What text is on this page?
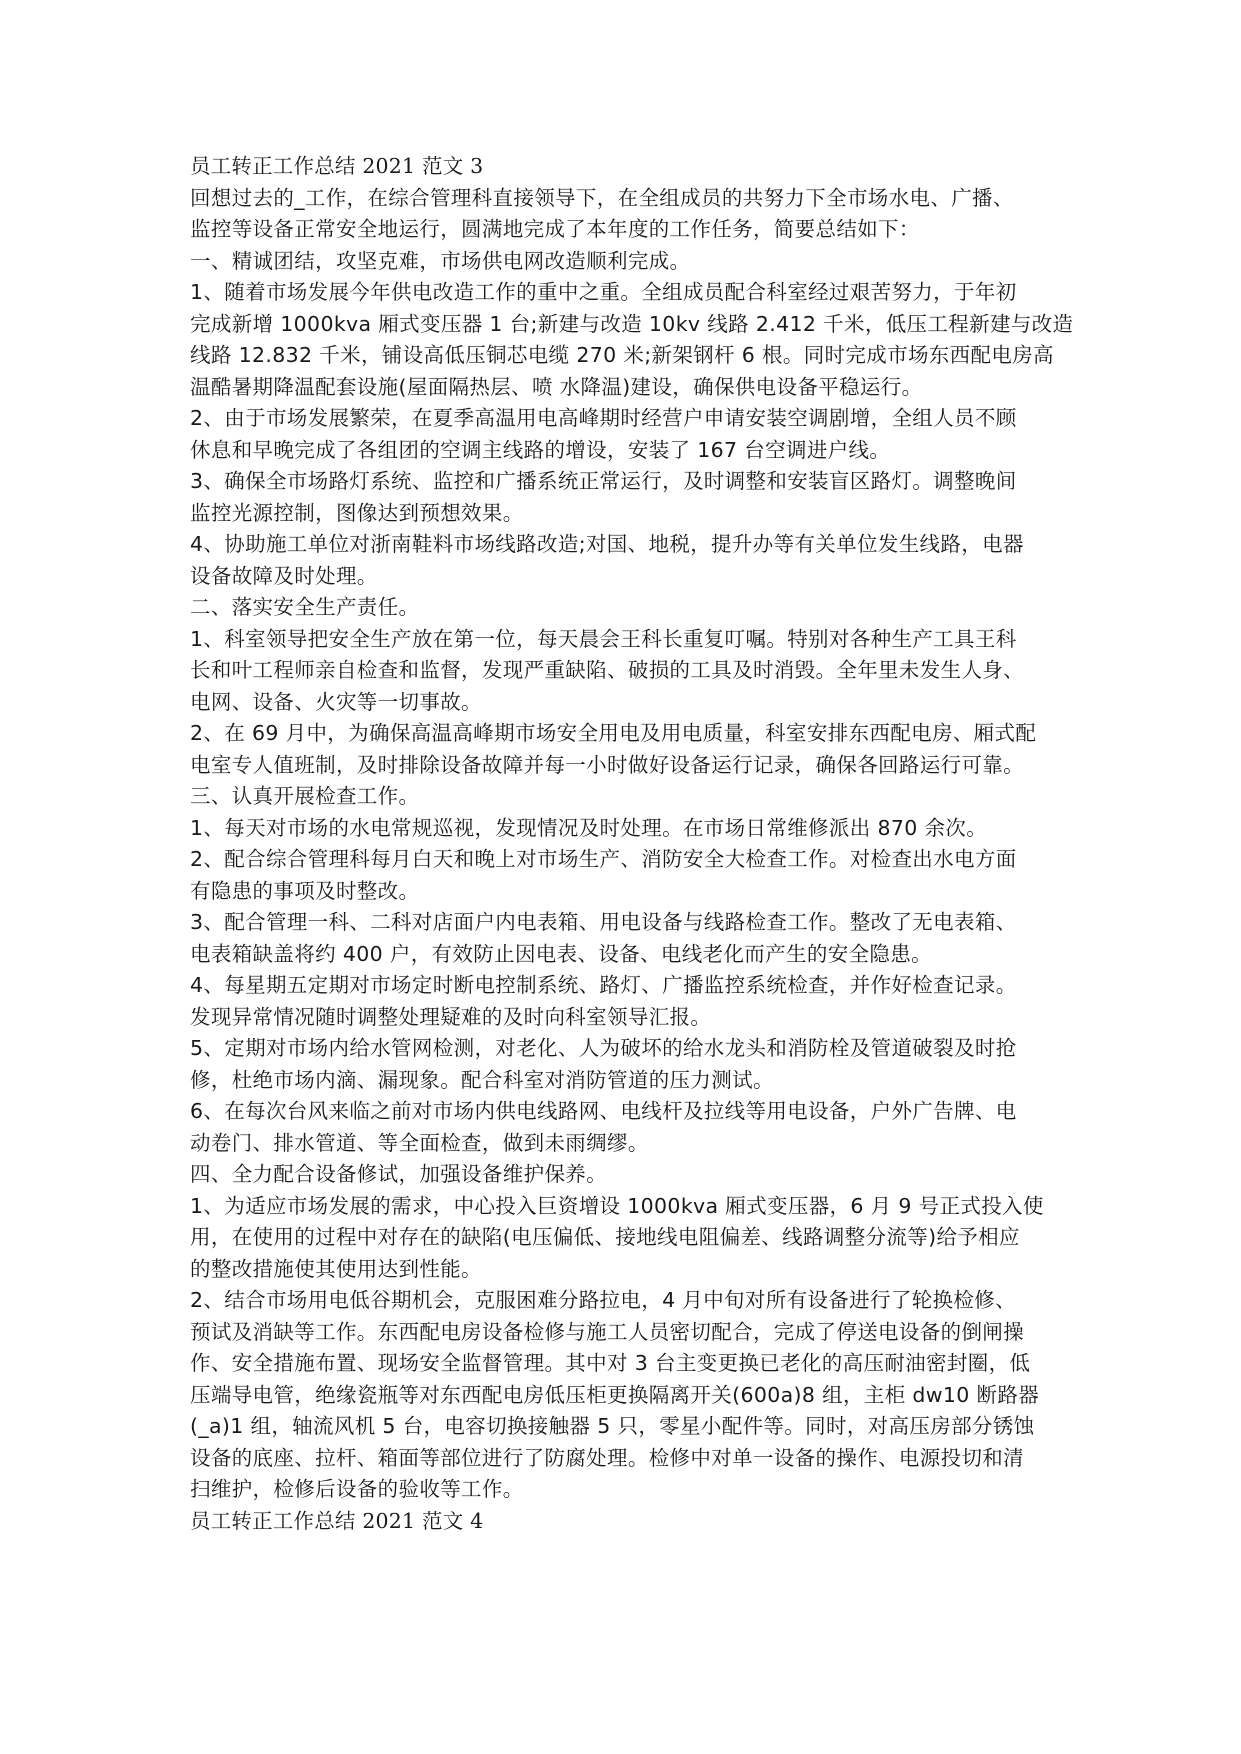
员工转正工作总结 2021 范文 3

回想过去的_工作，在综合管理科直接领导下，在全组成员的共努力下全市场水电、广播、

监控等设备正常安全地运行，圆满地完成了本年度的工作任务，简要总结如下：

一、精诚团结，攻坚克难，市场供电网改造顺利完成。

1、随着市场发展今年供电改造工作的重中之重。全组成员配合科室经过艰苦努力，于年初

完成新增 1000kva 厢式变压器 1 台;新建与改造 10kv 线路 2.412 千米，低压工程新建与改造

线路 12.832 千米，铺设高低压铜芯电缆 270 米;新架钢杆 6 根。同时完成市场东西配电房高

温酷暑期降温配套设施(屋面隔热层、喷 水降温)建设，确保供电设备平稳运行。

2、由于市场发展繁荣，在夏季高温用电高峰期时经营户申请安装空调剧增，全组人员不顾

休息和早晚完成了各组团的空调主线路的增设，安装了 167 台空调进户线。

3、确保全市场路灯系统、监控和广播系统正常运行，及时调整和安装盲区路灯。调整晚间

监控光源控制，图像达到预想效果。

4、协助施工单位对浙南鞋料市场线路改造;对国、地税，提升办等有关单位发生线路，电器

设备故障及时处理。

二、落实安全生产责任。

1、科室领导把安全生产放在第一位，每天晨会王科长重复叮嘱。特别对各种生产工具王科

长和叶工程师亲自检查和监督，发现严重缺陷、破损的工具及时消毁。全年里未发生人身、

电网、设备、火灾等一切事故。

2、在 69 月中，为确保高温高峰期市场安全用电及用电质量，科室安排东西配电房、厢式配

电室专人值班制，及时排除设备故障并每一小时做好设备运行记录，确保各回路运行可靠。

三、认真开展检查工作。

1、每天对市场的水电常规巡视，发现情况及时处理。在市场日常维修派出 870 余次。

2、配合综合管理科每月白天和晚上对市场生产、消防安全大检查工作。对检查出水电方面

有隐患的事项及时整改。

3、配合管理一科、二科对店面户内电表箱、用电设备与线路检查工作。整改了无电表箱、

电表箱缺盖将约 400 户，有效防止因电表、设备、电线老化而产生的安全隐患。

4、每星期五定期对市场定时断电控制系统、路灯、广播监控系统检查，并作好检查记录。

发现异常情况随时调整处理疑难的及时向科室领导汇报。

5、定期对市场内给水管网检测，对老化、人为破坏的给水龙头和消防栓及管道破裂及时抢

修，杜绝市场内滴、漏现象。配合科室对消防管道的压力测试。

6、在每次台风来临之前对市场内供电线路网、电线杆及拉线等用电设备，户外广告牌、电

动卷门、排水管道、等全面检查，做到未雨绸缪。

四、全力配合设备修试，加强设备维护保养。

1、为适应市场发展的需求，中心投入巨资增设 1000kva 厢式变压器，6 月 9 号正式投入使

用，在使用的过程中对存在的缺陷(电压偏低、接地线电阻偏差、线路调整分流等)给予相应

的整改措施使其使用达到性能。

2、结合市场用电低谷期机会，克服困难分路拉电，4 月中旬对所有设备进行了轮换检修、

预试及消缺等工作。东西配电房设备检修与施工人员密切配合，完成了停送电设备的倒闸操

作、安全措施布置、现场安全监督管理。其中对 3 台主变更换已老化的高压耐油密封圈，低

压端导电管，绝缘瓷瓶等对东西配电房低压柜更换隔离开关(600a)8 组，主柜 dw10 断路器

(_a)1 组，轴流风机 5 台，电容切换接触器 5 只，零星小配件等。同时，对高压房部分锈蚀

设备的底座、拉杆、箱面等部位进行了防腐处理。检修中对单一设备的操作、电源投切和清

扫维护，检修后设备的验收等工作。

员工转正工作总结 2021 范文 4
